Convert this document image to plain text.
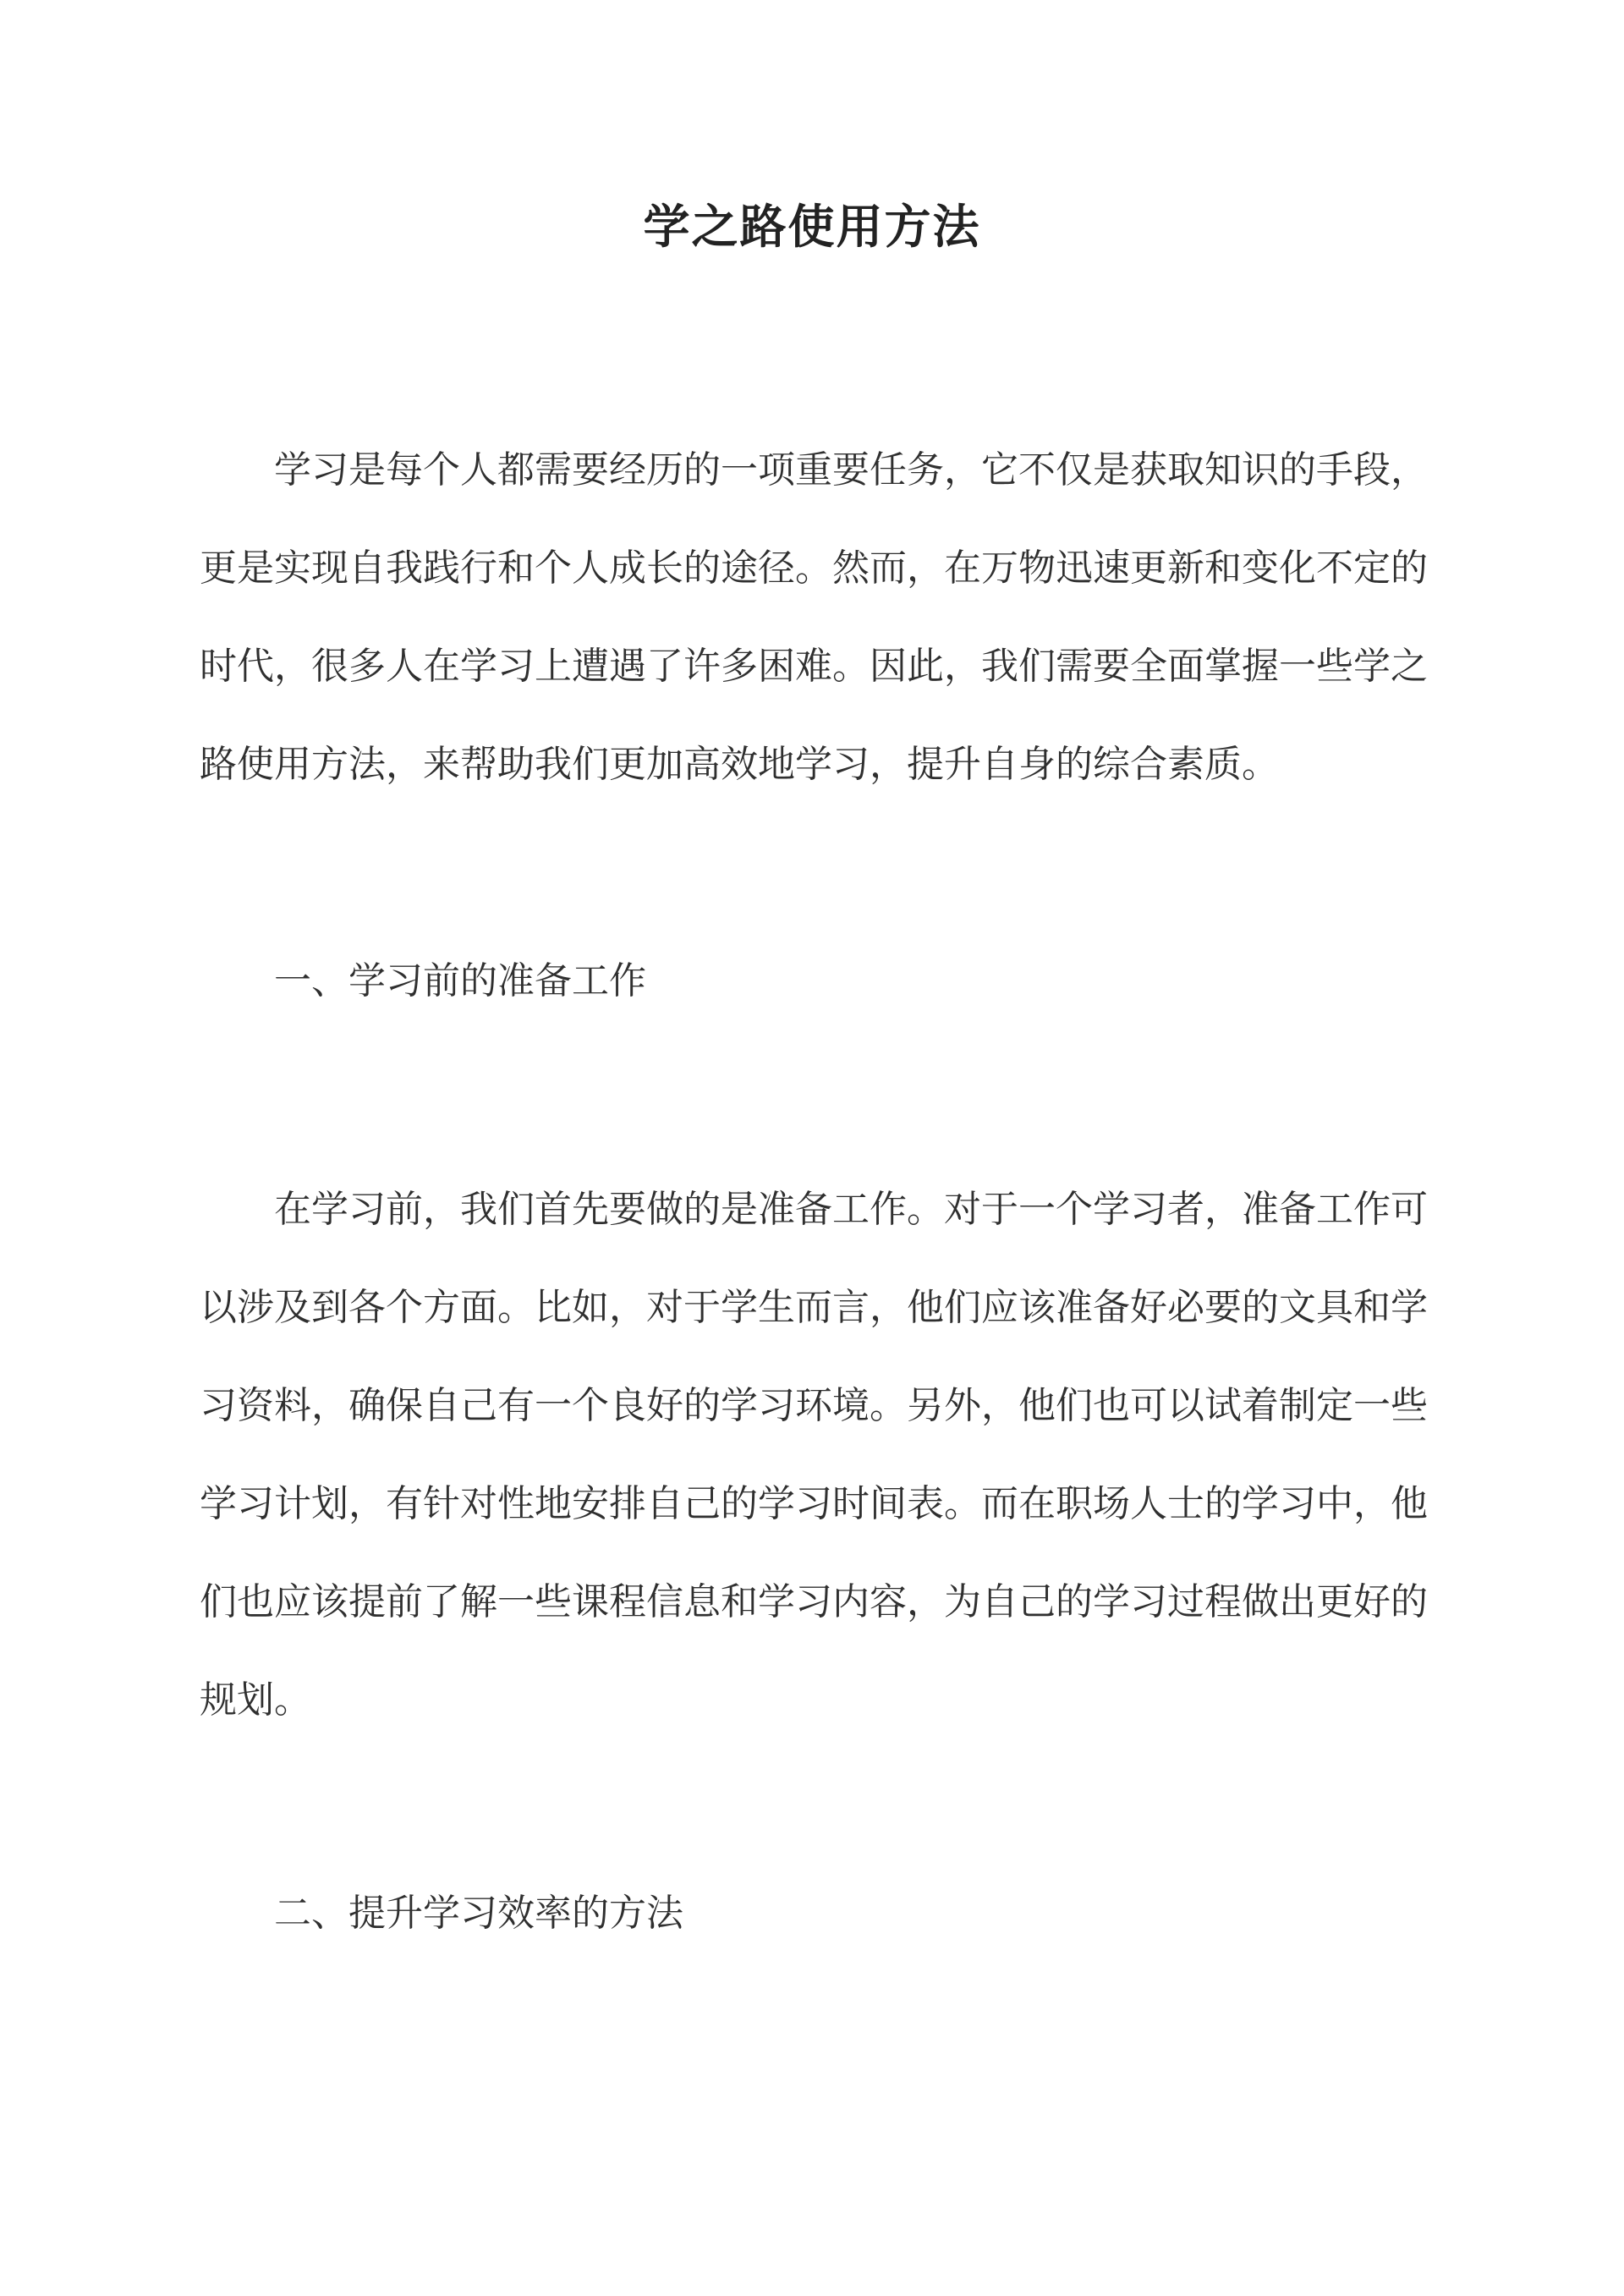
学之路使用方法
学习是每个人都需要经历的一项重要任务，它不仅是获取知识的手段，更是实现自我践行和个人成长的途径。然而，在万物迅速更新和变化不定的时代，很多人在学习上遭遇了许多困难。因此，我们需要全面掌握一些学之路使用方法，来帮助我们更加高效地学习，提升自身的综合素质。
一、学习前的准备工作
在学习前，我们首先要做的是准备工作。对于一个学习者，准备工作可以涉及到各个方面。比如，对于学生而言，他们应该准备好必要的文具和学习资料，确保自己有一个良好的学习环境。另外，他们也可以试着制定一些学习计划，有针对性地安排自己的学习时间表。而在职场人士的学习中，他们也应该提前了解一些课程信息和学习内容，为自己的学习过程做出更好的规划。
二、提升学习效率的方法
